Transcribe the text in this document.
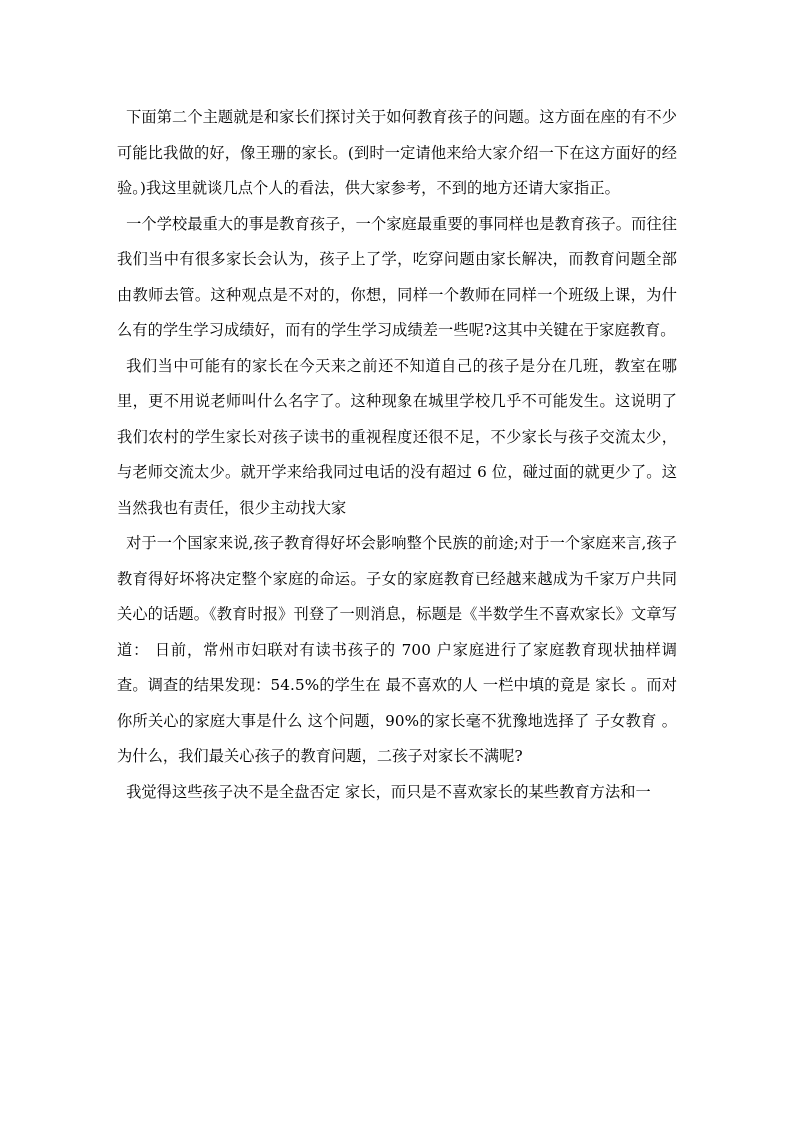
下面第二个主题就是和家长们探讨关于如何教育孩子的问题。这方面在座的有不少可能比我做的好，像王珊的家长。(到时一定请他来给大家介绍一下在这方面好的经验。)我这里就谈几点个人的看法，供大家参考，不到的地方还请大家指正。

一个学校最重大的事是教育孩子，一个家庭最重要的事同样也是教育孩子。而往往我们当中有很多家长会认为，孩子上了学，吃穿问题由家长解决，而教育问题全部由教师去管。这种观点是不对的，你想，同样一个教师在同样一个班级上课，为什么有的学生学习成绩好，而有的学生学习成绩差一些呢?这其中关键在于家庭教育。

我们当中可能有的家长在今天来之前还不知道自己的孩子是分在几班，教室在哪里，更不用说老师叫什么名字了。这种现象在城里学校几乎不可能发生。这说明了我们农村的学生家长对孩子读书的重视程度还很不足，不少家长与孩子交流太少，与老师交流太少。就开学来给我同过电话的没有超过 6 位，碰过面的就更少了。这当然我也有责任，很少主动找大家

对于一个国家来说,孩子教育得好坏会影响整个民族的前途;对于一个家庭来言,孩子教育得好坏将决定整个家庭的命运。子女的家庭教育已经越来越成为千家万户共同关心的话题。《教育时报》刊登了一则消息，标题是《半数学生不喜欢家长》文章写道： 日前，常州市妇联对有读书孩子的 700 户家庭进行了家庭教育现状抽样调查。调查的结果发现：54.5%的学生在 最不喜欢的人 一栏中填的竟是 家长 。而对 你所关心的家庭大事是什么 这个问题，90%的家长毫不犹豫地选择了 子女教育 。为什么，我们最关心孩子的教育问题，二孩子对家长不满呢?

我觉得这些孩子决不是全盘否定 家长，而只是不喜欢家长的某些教育方法和一
